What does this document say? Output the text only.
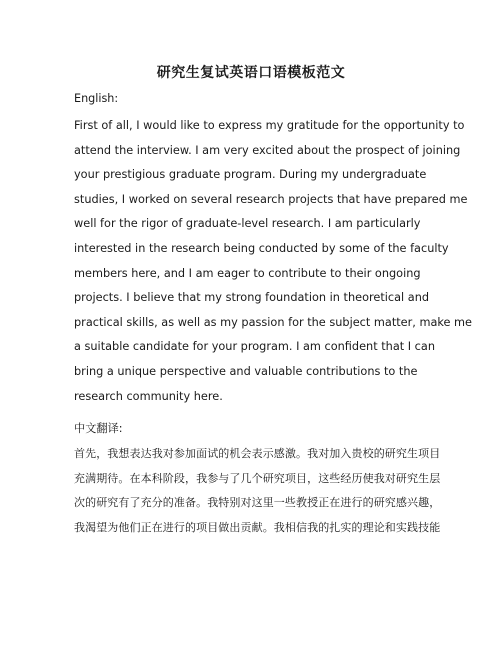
研究生复试英语口语模板范文
English:
First of all, I would like to express my gratitude for the opportunity to
attend the interview. I am very excited about the prospect of joining
your prestigious graduate program. During my undergraduate
studies, I worked on several research projects that have prepared me
well for the rigor of graduate-level research. I am particularly
interested in the research being conducted by some of the faculty
members here, and I am eager to contribute to their ongoing
projects. I believe that my strong foundation in theoretical and
practical skills, as well as my passion for the subject matter, make me
a suitable candidate for your program. I am confident that I can
bring a unique perspective and valuable contributions to the
research community here.
中文翻译:
首先，我想表达我对参加面试的机会表示感激。我对加入贵校的研究生项目
充满期待。在本科阶段，我参与了几个研究项目，这些经历使我对研究生层
次的研究有了充分的准备。我特别对这里一些教授正在进行的研究感兴趣，
我渴望为他们正在进行的项目做出贡献。我相信我的扎实的理论和实践技能
